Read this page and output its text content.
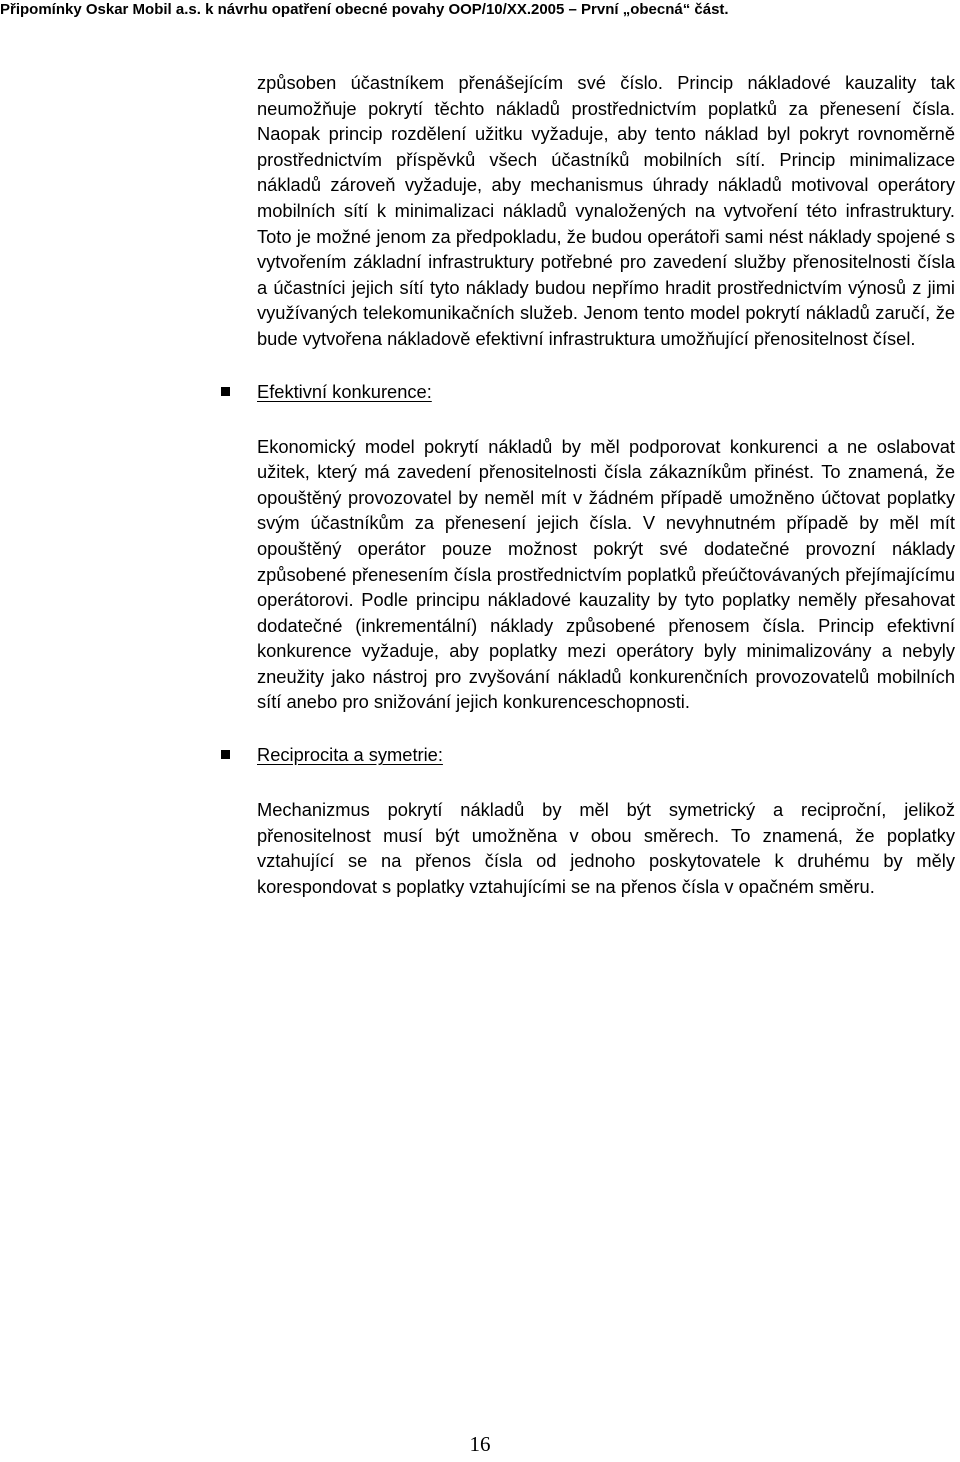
Připomínky Oskar Mobil a.s. k návrhu opatření obecné povahy OOP/10/XX.2005 – První „obecná“ část.

způsoben účastníkem přenášejícím své číslo. Princip nákladové kauzality tak neumožňuje pokrytí těchto nákladů prostřednictvím poplatků za přenesení čísla. Naopak princip rozdělení užitku vyžaduje, aby tento náklad byl pokryt rovnoměrně prostřednictvím příspěvků všech účastníků mobilních sítí. Princip minimalizace nákladů zároveň vyžaduje, aby mechanismus úhrady nákladů motivoval operátory mobilních sítí k minimalizaci nákladů vynaložených na vytvoření této infrastruktury. Toto je možné jenom za předpokladu, že budou operátoři sami nést náklady spojené s vytvořením základní infrastruktury potřebné pro zavedení služby přenositelnosti čísla a účastníci jejich sítí tyto náklady budou nepřímo hradit prostřednictvím výnosů z jimi využívaných telekomunikačních služeb. Jenom tento model pokrytí nákladů zaručí, že bude vytvořena nákladově efektivní infrastruktura umožňující přenositelnost čísel.

Efektivní konkurence:

Ekonomický model pokrytí nákladů by měl podporovat konkurenci a ne oslabovat užitek, který má zavedení přenositelnosti čísla zákazníkům přinést. To znamená, že opouštěný provozovatel by neměl mít v žádném případě umožněno účtovat poplatky svým účastníkům za přenesení jejich čísla. V nevyhnutném případě by měl mít opouštěný operátor pouze možnost pokrýt své dodatečné provozní náklady způsobené přenesením čísla prostřednictvím poplatků přeúčtovávaných přejímajícímu operátorovi. Podle principu nákladové kauzality by tyto poplatky neměly přesahovat dodatečné (inkrementální) náklady způsobené přenosem čísla. Princip efektivní konkurence vyžaduje, aby poplatky mezi operátory byly minimalizovány a nebyly zneužity jako nástroj pro zvyšování nákladů konkurenčních provozovatelů mobilních sítí anebo pro snižování jejich konkurenceschopnosti.

Reciprocita a symetrie:

Mechanizmus pokrytí nákladů by měl být symetrický a reciproční, jelikož přenositelnost musí být umožněna v obou směrech. To znamená, že poplatky vztahující se na přenos čísla od jednoho poskytovatele k druhému by měly korespondovat s poplatky vztahujícími se na přenos čísla v opačném směru.

16
